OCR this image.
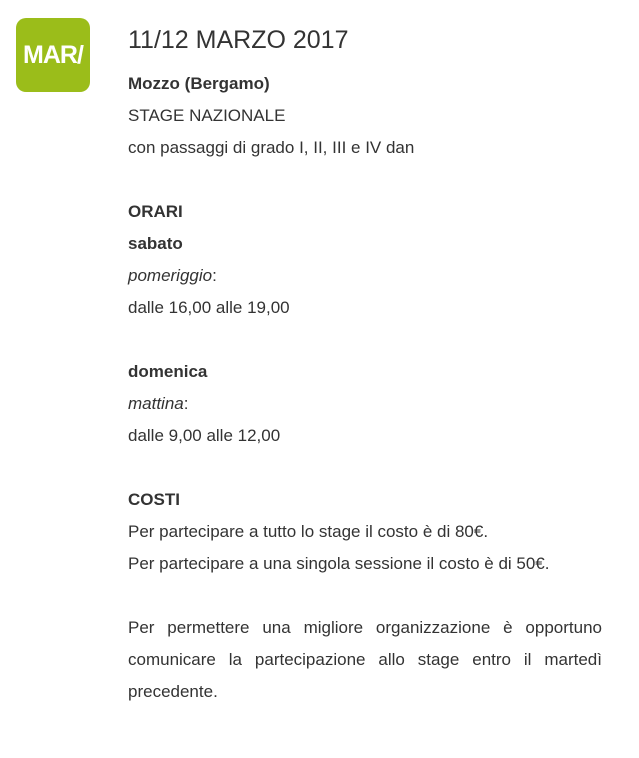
MAR/
11/12 MARZO 2017
Mozzo (Bergamo)
STAGE NAZIONALE
con passaggi di grado I, II, III e IV dan
ORARI
sabato
pomeriggio:
dalle 16,00 alle 19,00
domenica
mattina:
dalle 9,00 alle 12,00
COSTI
Per partecipare a tutto lo stage il costo è di 80€.
Per partecipare a una singola sessione il costo è di 50€.
Per permettere una migliore organizzazione è opportuno comunicare la partecipazione allo stage entro il martedì precedente.
